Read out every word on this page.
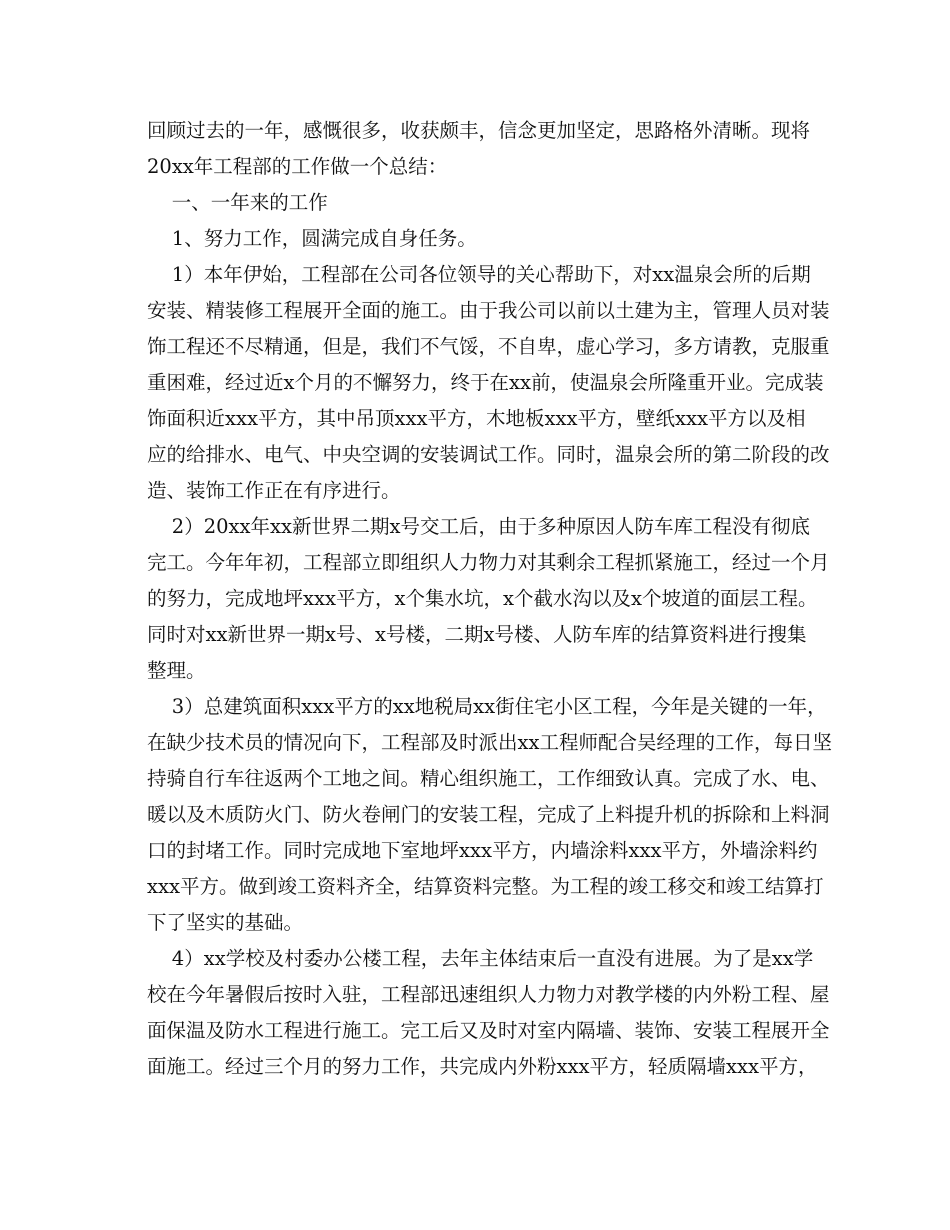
回顾过去的一年，感慨很多，收获颇丰，信念更加坚定，思路格外清晰。现将
20xx年工程部的工作做一个总结：
一、一年来的工作
1、努力工作，圆满完成自身任务。
1）本年伊始，工程部在公司各位领导的关心帮助下，对xx温泉会所的后期
安装、精装修工程展开全面的施工。由于我公司以前以土建为主，管理人员对装
饰工程还不尽精通，但是，我们不气馁，不自卑，虚心学习，多方请教，克服重
重困难，经过近x个月的不懈努力，终于在xx前，使温泉会所隆重开业。完成装
饰面积近xxx平方，其中吊顶xxx平方，木地板xxx平方，壁纸xxx平方以及相
应的给排水、电气、中央空调的安装调试工作。同时，温泉会所的第二阶段的改
造、装饰工作正在有序进行。
2）20xx年xx新世界二期x号交工后，由于多种原因人防车库工程没有彻底
完工。今年年初，工程部立即组织人力物力对其剩余工程抓紧施工，经过一个月
的努力，完成地坪xxx平方，x个集水坑，x个截水沟以及x个坡道的面层工程。
同时对xx新世界一期x号、x号楼，二期x号楼、人防车库的结算资料进行搜集
整理。
3）总建筑面积xxx平方的xx地税局xx街住宅小区工程，今年是关键的一年，
在缺少技术员的情况向下，工程部及时派出xx工程师配合吴经理的工作，每日坚
持骑自行车往返两个工地之间。精心组织施工，工作细致认真。完成了水、电、
暖以及木质防火门、防火卷闸门的安装工程，完成了上料提升机的拆除和上料洞
口的封堵工作。同时完成地下室地坪xxx平方，内墙涂料xxx平方，外墙涂料约
xxx平方。做到竣工资料齐全，结算资料完整。为工程的竣工移交和竣工结算打
下了坚实的基础。
4）xx学校及村委办公楼工程，去年主体结束后一直没有进展。为了是xx学
校在今年暑假后按时入驻，工程部迅速组织人力物力对教学楼的内外粉工程、屋
面保温及防水工程进行施工。完工后又及时对室内隔墙、装饰、安装工程展开全
面施工。经过三个月的努力工作，共完成内外粉xxx平方，轻质隔墙xxx平方，
